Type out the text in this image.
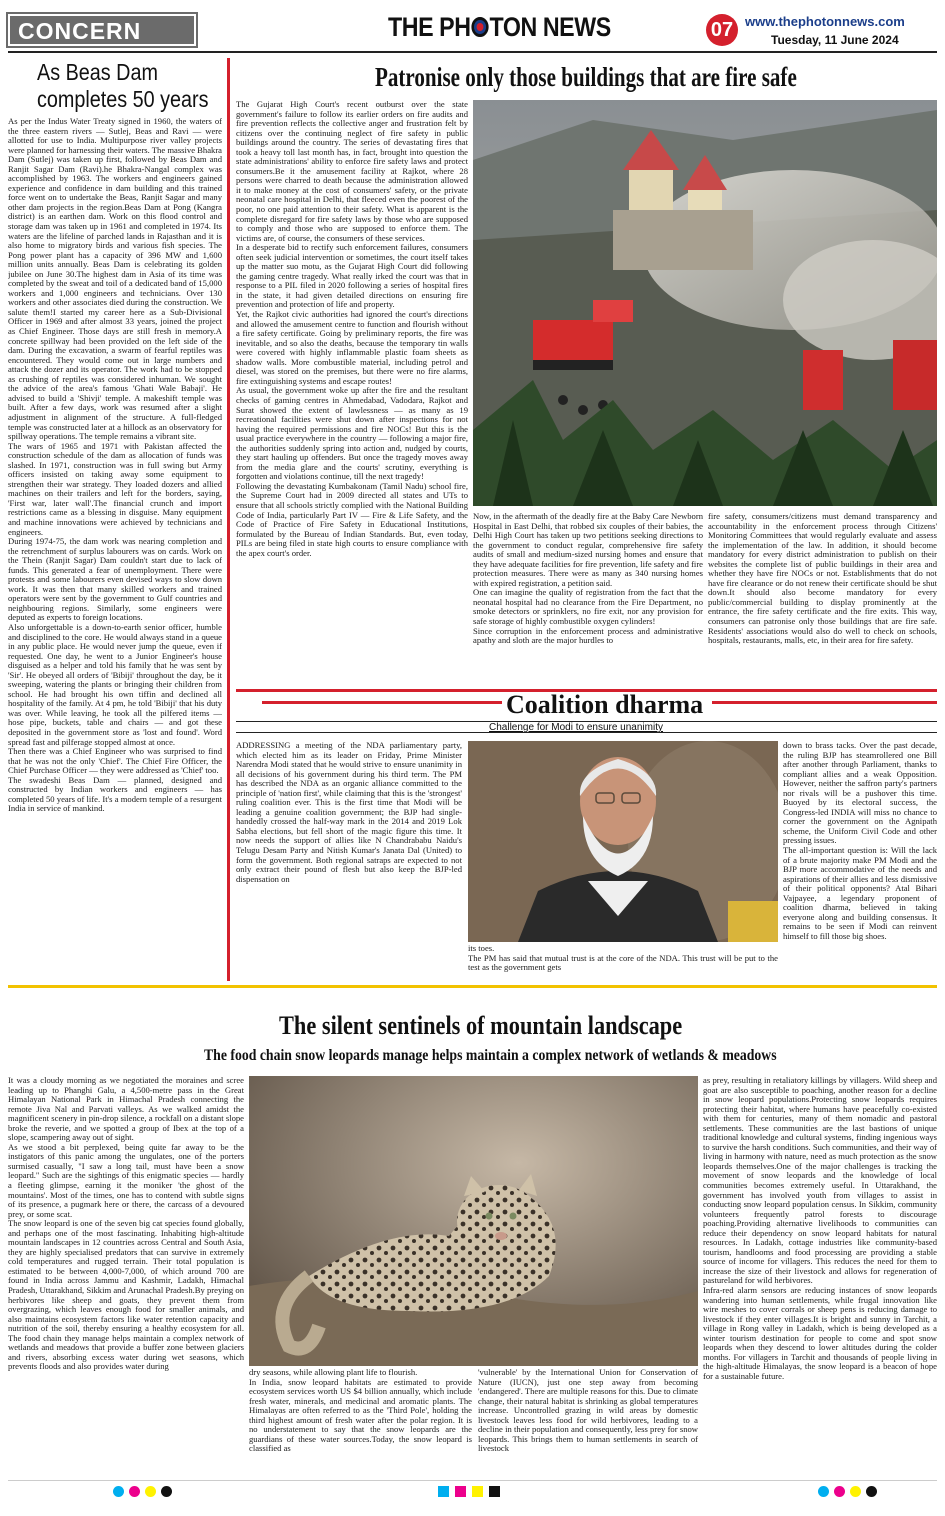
CONCERN	THE PH TON NEWS	07 www.thephotonnews.com
Tuesday, 11 June 2024
As Beas Dam
completes 50 years

As per the Indus Water Treaty signed in 1960, the waters of the three eastern rivers — Sutlej, Beas and Ravi — were allotted for use to India. Multipurpose river valley projects were planned for harnessing their waters. The massive Bhakra Dam (Sutlej) was taken up first, followed by Beas Dam and Ranjit Sagar Dam (Ravi).he Bhakra-Nangal complex was accomplished by 1963. The workers and engineers gained experience and confidence in dam building and this trained force went on to undertake the Beas, Ranjit Sagar and many other dam projects in the region.Beas Dam at Pong (Kangra district) is an earthen dam. Work on this flood control and storage dam was taken up in 1961 and completed in 1974. Its waters are the lifeline of parched lands in Rajasthan and it is also home to migratory birds and various fish species. The Pong power plant has a capacity of 396 MW and 1,600 million units annually. Beas Dam is celebrating its golden jubilee on June 30.The highest dam in Asia of its time was completed by the sweat and toil of a dedicated band of 15,000 workers and 1,000 engineers and technicians. Over 130 workers and other associates died during the construction. We salute them!I started my career here as a Sub-Divisional Officer in 1969 and after almost 33 years, joined the project as Chief Engineer. Those days are still fresh in memory.A concrete spillway had been provided on the left side of the dam. During the excavation, a swarm of fearful reptiles was encountered. They would come out in large numbers and attack the dozer and its operator. The work had to be stopped as crushing of reptiles was considered inhuman. We sought the advice of the area's famous 'Ghati Wale Babaji'. He advised to build a 'Shivji' temple. A makeshift temple was built. After a few days, work was resumed after a slight adjustment in alignment of the structure. A full-fledged temple was constructed later at a hillock as an observatory for spillway operations. The temple remains a vibrant site.

The wars of 1965 and 1971 with Pakistan affected the construction schedule of the dam as allocation of funds was slashed. In 1971, construction was in full swing but Army officers insisted on taking away some equipment to strengthen their war strategy. They loaded dozers and allied machines on their trailers and left for the borders, saying, 'First war, later wall'.The financial crunch and import restrictions came as a blessing in disguise. Many equipment and machine innovations were achieved by technicians and engineers.

During 1974-75, the dam work was nearing completion and the retrenchment of surplus labourers was on cards. Work on the Thein (Ranjit Sagar) Dam couldn't start due to lack of funds. This generated a fear of unemployment. There were protests and some labourers even devised ways to slow down work. It was then that many skilled workers and trained operators were sent by the government to Gulf countries and neighbouring regions. Similarly, some engineers were deputed as experts to foreign locations.

Also unforgettable is a down-to-earth senior officer, humble and disciplined to the core. He would always stand in a queue in any public place. He would never jump the queue, even if requested. One day, he went to a Junior Engineer's house disguised as a helper and told his family that he was sent by 'Sir'. He obeyed all orders of 'Bibiji' throughout the day, be it sweeping, watering the plants or bringing their children from school. He had brought his own tiffin and declined all hospitality of the family. At 4 pm, he told 'Bibiji' that his duty was over. While leaving, he took all the pilfered items — hose pipe, buckets, table and chairs — and got these deposited in the government store as 'lost and found'. Word spread fast and pilferage stopped almost at once.

Then there was a Chief Engineer who was surprised to find that he was not the only 'Chief'. The Chief Fire Officer, the Chief Purchase Officer — they were addressed as 'Chief' too.

The swadeshi Beas Dam — planned, designed and constructed by Indian workers and engineers — has completed 50 years of life. It's a modern temple of a resurgent India in service of mankind.

Patronise only those buildings that are fire safe

The Gujarat High Court's recent outburst over the state government's failure to follow its earlier orders on fire audits and fire prevention reflects the collective anger and frustration felt by citizens over the continuing neglect of fire safety in public buildings around the country. The series of devastating fires that took a heavy toll last month has, in fact, brought into question the state administrations' ability to enforce fire safety laws and protect consumers.Be it the amusement facility at Rajkot, where 28 persons were charred to death because the administration allowed it to make money at the cost of consumers' safety, or the private neonatal care hospital in Delhi, that fleeced even the poorest of the poor, no one paid attention to their safety. What is apparent is the complete disregard for fire safety laws by those who are supposed to comply and those who are supposed to enforce them. The victims are, of course, the consumers of these services.

In a desperate bid to rectify such enforcement failures, consumers often seek judicial intervention or sometimes, the court itself takes up the matter suo motu, as the Gujarat High Court did following the gaming centre tragedy. What really irked the court was that in response to a PIL filed in 2020 following a series of hospital fires in the state, it had given detailed directions on ensuring fire prevention and protection of life and property.

Yet, the Rajkot civic authorities had ignored the court's directions and allowed the amusement centre to function and flourish without a fire safety certificate. Going by preliminary reports, the fire was inevitable, and so also the deaths, because the temporary tin walls were covered with highly inflammable plastic foam sheets as shadow walls. More combustible material, including petrol and diesel, was stored on the premises, but there were no fire alarms, fire extinguishing systems and escape routes!

As usual, the government woke up after the fire and the resultant checks of gaming centres in Ahmedabad, Vadodara, Rajkot and Surat showed the extent of lawlessness — as many as 19 recreational facilities were shut down after inspections for not having the required permissions and fire NOCs! But this is the usual practice everywhere in the country — following a major fire, the authorities suddenly spring into action and, nudged by courts, they start hauling up offenders. But once the tragedy moves away from the media glare and the courts' scrutiny, everything is forgotten and violations continue, till the next tragedy!

Following the devastating Kumbakonam (Tamil Nadu) school fire, the Supreme Court had in 2009 directed all states and UTs to ensure that all schools strictly complied with the National Building Code of India, particularly Part IV — Fire & Life Safety, and the Code of Practice of Fire Safety in Educational Institutions, formulated by the Bureau of Indian Standards. But, even today, PILs are being filed in state high courts to ensure compliance with the apex court's order.

Now, in the aftermath of the deadly fire at the Baby Care Newborn Hospital in East Delhi, that robbed six couples of their babies, the Delhi High Court has taken up two petitions seeking directions to the government to conduct regular, comprehensive fire safety audits of small and medium-sized nursing homes and ensure that they have adequate facilities for fire prevention, life safety and fire protection measures. There were as many as 340 nursing homes with expired registration, a petition said.

One can imagine the quality of registration from the fact that the neonatal hospital had no clearance from the Fire Department, no smoke detectors or sprinklers, no fire exit, nor any provision for safe storage of highly combustible oxygen cylinders!

Since corruption in the enforcement process and administrative apathy and sloth are the major hurdles to

fire safety, consumers/citizens must demand transparency and accountability in the enforcement process through Citizens' Monitoring Committees that would regularly evaluate and assess the implementation of the law. In addition, it should become mandatory for every district administration to publish on their websites the complete list of public buildings in their area and whether they have fire NOCs or not. Establishments that do not have fire clearance or do not renew their certificate should be shut down.It should also become mandatory for every public/commercial building to display prominently at the entrance, the fire safety certificate and the fire exits. This way, consumers can patronise only those buildings that are fire safe. Residents' associations would also do well to check on schools, hospitals, restaurants, malls, etc, in their area for fire safety.

Coalition dharma
Challenge for Modi to ensure unanimity

ADDRESSING a meeting of the NDA parliamentary party, which elected him as its leader on Friday, Prime Minister Narendra Modi stated that he would strive to ensure unanimity in all decisions of his government during his third term. The PM has described the NDA as an organic alliance committed to the principle of 'nation first', while claiming that this is the 'strongest' ruling coalition ever. This is the first time that Modi will be leading a genuine coalition government; the BJP had single-handedly crossed the half-way mark in the 2014 and 2019 Lok Sabha elections, but fell short of the magic figure this time. It now needs the support of allies like N Chandrababu Naidu's Telugu Desam Party and Nitish Kumar's Janata Dal (United) to form the government. Both regional satraps are expected to not only extract their pound of flesh but also keep the BJP-led dispensation on

its toes.

The PM has said that mutual trust is at the core of the NDA. This trust will be put to the test as the government gets

down to brass tacks. Over the past decade, the ruling BJP has steamrollered one Bill after another through Parliament, thanks to compliant allies and a weak Opposition. However, neither the saffron party's partners nor rivals will be a pushover this time. Buoyed by its electoral success, the Congress-led INDIA will miss no chance to corner the government on the Agnipath scheme, the Uniform Civil Code and other pressing issues.

The all-important question is: Will the lack of a brute majority make PM Modi and the BJP more accommodative of the needs and aspirations of their allies and less dismissive of their political opponents? Atal Bihari Vajpayee, a legendary proponent of coalition dharma, believed in taking everyone along and building consensus. It remains to be seen if Modi can reinvent himself to fill those big shoes.

The silent sentinels of mountain landscape
The food chain snow leopards manage helps maintain a complex network of wetlands & meadows

It was a cloudy morning as we negotiated the moraines and scree leading up to Phanghi Galu, a 4,500-metre pass in the Great Himalayan National Park in Himachal Pradesh connecting the remote Jiva Nal and Parvati valleys. As we walked amidst the magnificent scenery in pin-drop silence, a rockfall on a distant slope broke the reverie, and we spotted a group of Ibex at the top of a slope, scampering away out of sight.

As we stood a bit perplexed, being quite far away to be the instigators of this panic among the ungulates, one of the porters surmised casually, "I saw a long tail, must have been a snow leopard." Such are the sightings of this enigmatic species — hardly a fleeting glimpse, earning it the moniker 'the ghost of the mountains'. Most of the times, one has to contend with subtle signs of its presence, a pugmark here or there, the carcass of a devoured prey, or some scat.

The snow leopard is one of the seven big cat species found globally, and perhaps one of the most fascinating. Inhabiting high-altitude mountain landscapes in 12 countries across Central and South Asia, they are highly specialised predators that can survive in extremely cold temperatures and rugged terrain. Their total population is estimated to be between 4,000-7,000, of which around 700 are found in India across Jammu and Kashmir, Ladakh, Himachal Pradesh, Uttarakhand, Sikkim and Arunachal Pradesh.By preying on herbivores like sheep and goats, they prevent them from overgrazing, which leaves enough food for smaller animals, and also maintains ecosystem factors like water retention capacity and nutrition of the soil, thereby ensuring a healthy ecosystem for all. The food chain they manage helps maintain a complex network of wetlands and meadows that provide a buffer zone between glaciers and rivers, absorbing excess water during wet seasons, which prevents floods and also provides water during

dry seasons, while allowing plant life to flourish.

In India, snow leopard habitats are estimated to provide ecosystem services worth US $4 billion annually, which include fresh water, minerals, and medicinal and aromatic plants. The Himalayas are often referred to as the 'Third Pole', holding the third highest amount of fresh water after the polar region. It is no understatement to say that the snow leopards are the guardians of these water sources.Today, the snow leopard is classified as

'vulnerable' by the International Union for Conservation of Nature (IUCN), just one step away from becoming 'endangered'. There are multiple reasons for this. Due to climate change, their natural habitat is shrinking as global temperatures increase. Uncontrolled grazing in wild areas by domestic livestock leaves less food for wild herbivores, leading to a decline in their population and consequently, less prey for snow leopards. This brings them to human settlements in search of livestock

as prey, resulting in retaliatory killings by villagers. Wild sheep and goat are also susceptible to poaching, another reason for a decline in snow leopard populations.Protecting snow leopards requires protecting their habitat, where humans have peacefully co-existed with them for centuries, many of them nomadic and pastoral settlements. These communities are the last bastions of unique traditional knowledge and cultural systems, finding ingenious ways to survive the harsh conditions. Such communities, and their way of living in harmony with nature, need as much protection as the snow leopards themselves.One of the major challenges is tracking the movement of snow leopards and the knowledge of local communities becomes extremely useful. In Uttarakhand, the government has involved youth from villages to assist in conducting snow leopard population census. In Sikkim, community volunteers frequently patrol forests to discourage poaching.Providing alternative livelihoods to communities can reduce their dependency on snow leopard habitats for natural resources. In Ladakh, cottage industries like community-based tourism, handlooms and food processing are providing a stable source of income for villagers. This reduces the need for them to increase the size of their livestock and allows for regeneration of pastureland for wild herbivores.

Infra-red alarm sensors are reducing instances of snow leopards wandering into human settlements, while frugal innovation like wire meshes to cover corrals or sheep pens is reducing damage to livestock if they enter villages.It is bright and sunny in Tarchit, a village in Rong valley in Ladakh, which is being developed as a winter tourism destination for people to come and spot snow leopards when they descend to lower altitudes during the colder months. For villagers in Tarchit and thousands of people living in the high-altitude Himalayas, the snow leopard is a beacon of hope for a sustainable future.
